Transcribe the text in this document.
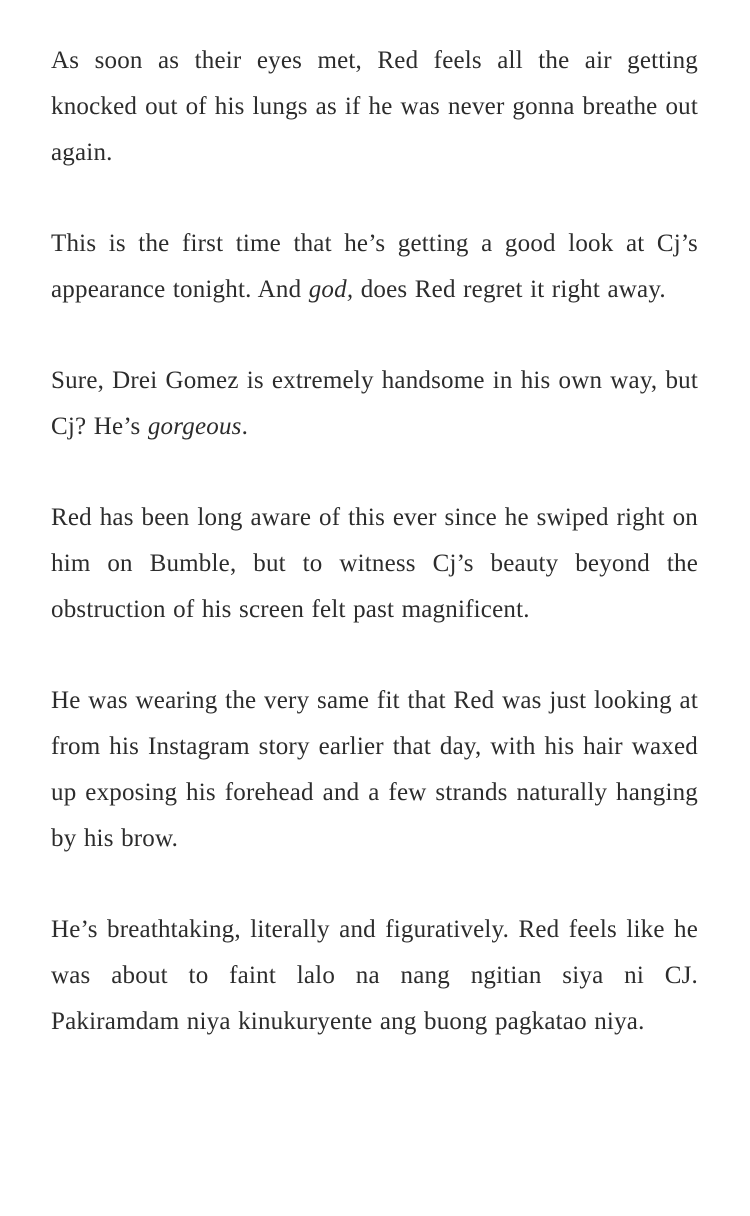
As soon as their eyes met, Red feels all the air getting knocked out of his lungs as if he was never gonna breathe out again.

This is the first time that he’s getting a good look at Cj’s appearance tonight. And god, does Red regret it right away.

Sure, Drei Gomez is extremely handsome in his own way, but Cj? He’s gorgeous.

Red has been long aware of this ever since he swiped right on him on Bumble, but to witness Cj’s beauty beyond the obstruction of his screen felt past magnificent.

He was wearing the very same fit that Red was just looking at from his Instagram story earlier that day, with his hair waxed up exposing his forehead and a few strands naturally hanging by his brow.

He’s breathtaking, literally and figuratively. Red feels like he was about to faint lalo na nang ngitian siya ni CJ. Pakiramdam niya kinukuryente ang buong pagkatao niya.
